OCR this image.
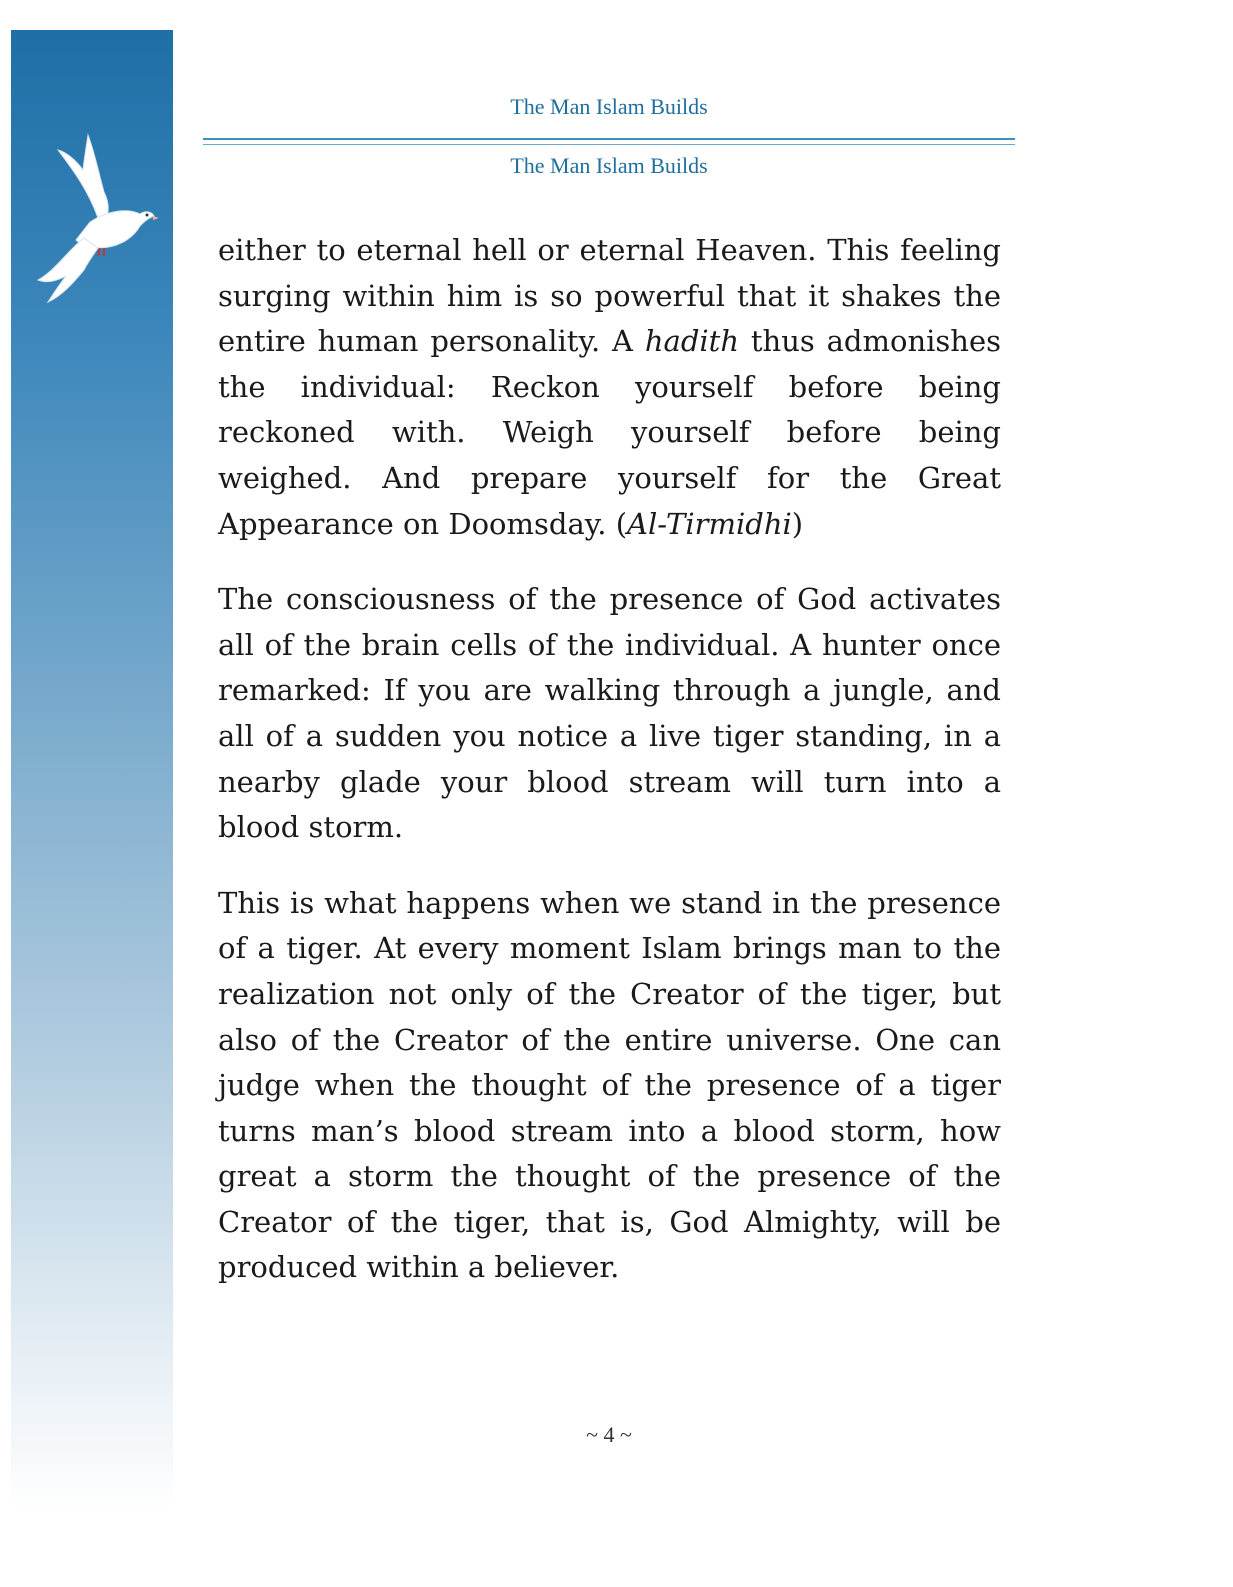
The Man Islam Builds

The Man Islam Builds

either to eternal hell or eternal Heaven. This feeling surging within him is so powerful that it shakes the entire human personality. A hadith thus admonishes the individual: Reckon yourself before being reckoned with. Weigh yourself before being weighed. And prepare yourself for the Great Appearance on Doomsday. (Al-Tirmidhi)

The consciousness of the presence of God activates all of the brain cells of the individual. A hunter once remarked: If you are walking through a jungle, and all of a sudden you notice a live tiger standing, in a nearby glade your blood stream will turn into a blood storm.

This is what happens when we stand in the presence of a tiger. At every moment Islam brings man to the realization not only of the Creator of the tiger, but also of the Creator of the entire universe. One can judge when the thought of the presence of a tiger turns man’s blood stream into a blood storm, how great a storm the thought of the presence of the Creator of the tiger, that is, God Almighty, will be produced within a believer.

~ 4 ~
